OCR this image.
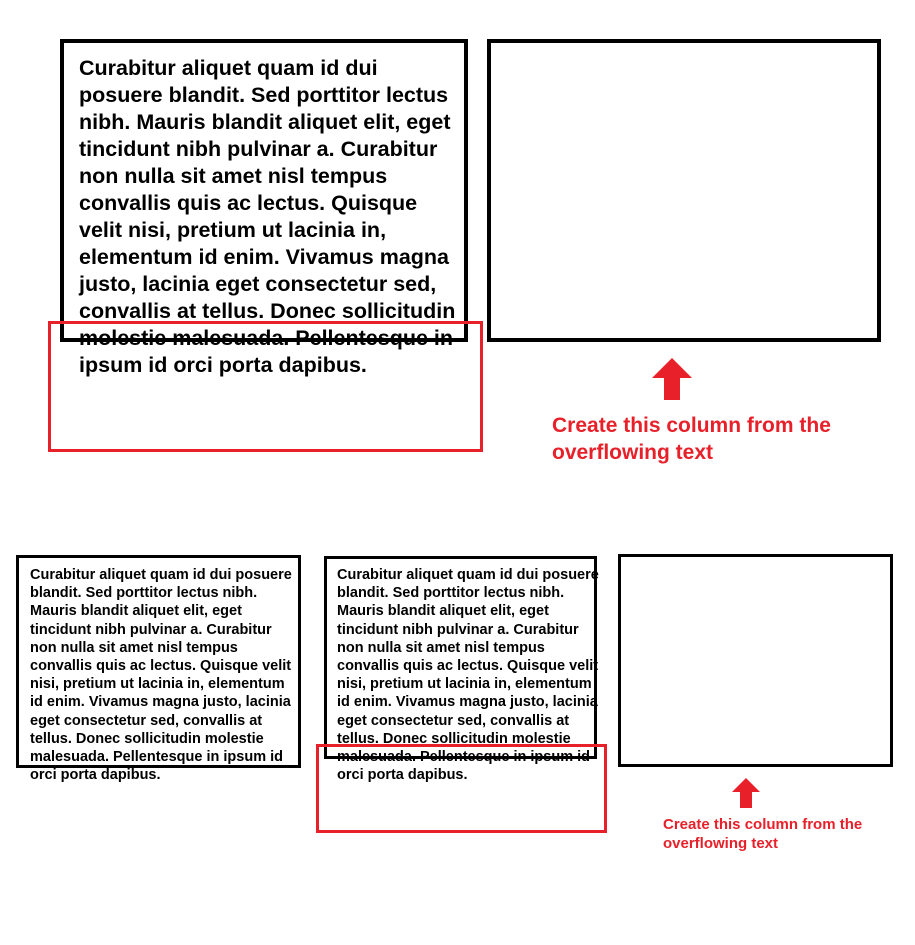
Curabitur aliquet quam id dui posuere blandit. Sed porttitor lectus nibh. Mauris blandit aliquet elit, eget tincidunt nibh pulvinar a. Curabitur non nulla sit amet nisl tempus convallis quis ac lectus. Quisque velit nisi, pretium ut lacinia in, elementum id enim. Vivamus magna justo, lacinia eget consectetur sed, convallis at tellus. Donec sollicitudin molestie malesuada. Pellentesque in ipsum id orci porta dapibus.

Create this column from the overflowing text

Curabitur aliquet quam id dui posuere blandit. Sed porttitor lectus nibh. Mauris blandit aliquet elit, eget tincidunt nibh pulvinar a. Curabitur non nulla sit amet nisl tempus convallis quis ac lectus. Quisque velit nisi, pretium ut lacinia in, elementum id enim. Vivamus magna justo, lacinia eget consectetur sed, convallis at tellus. Donec sollicitudin molestie malesuada. Pellentesque in ipsum id orci porta dapibus.

Curabitur aliquet quam id dui posuere blandit. Sed porttitor lectus nibh. Mauris blandit aliquet elit, eget tincidunt nibh pulvinar a. Curabitur non nulla sit amet nisl tempus convallis quis ac lectus. Quisque velit nisi, pretium ut lacinia in, elementum id enim. Vivamus magna justo, lacinia eget consectetur sed, convallis at tellus. Donec sollicitudin molestie malesuada. Pellentesque in ipsum id orci porta dapibus.

Create this column from the overflowing text
